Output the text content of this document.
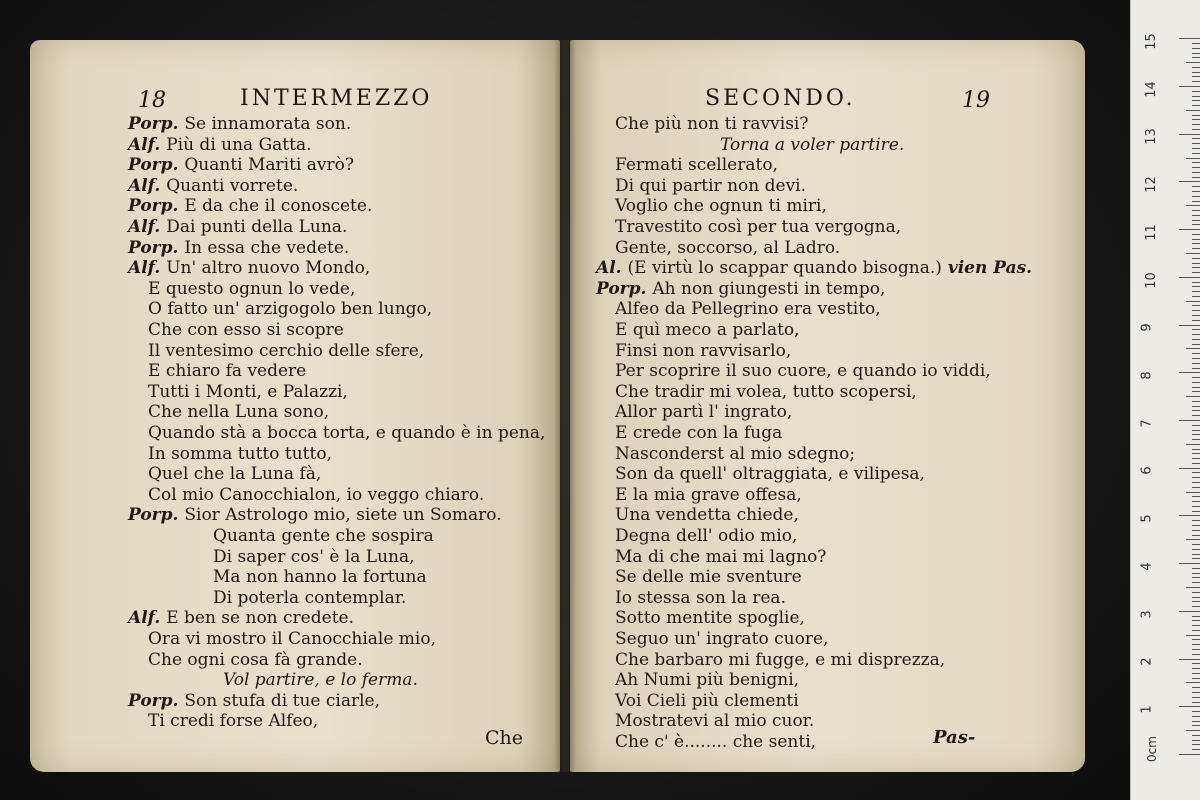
18	INTERMEZZO
Porp. Se innamorata son.
Alf. Più di una Gatta.
Porp. Quanti Mariti avrò?
Alf. Quanti vorrete.
Porp. E da che il conoscete.
Alf. Dai punti della Luna.
Porp. In essa che vedete.
Alf. Un' altro nuovo Mondo,
E questo ognun lo vede,
O fatto un' arzigogolo ben lungo,
Che con esso si scopre
Il ventesimo cerchio delle sfere,
E chiaro fa vedere
Tutti i Monti, e Palazzi,
Che nella Luna sono,
Quando stà a bocca torta, e quando è in pena,
In somma tutto tutto,
Quel che la Luna fà,
Col mio Canocchialon, io veggo chiaro.
Porp. Sior Astrologo mio, siete un Somaro.
Quanta gente che sospira
Di saper cos' è la Luna,
Ma non hanno la fortuna
Di poterla contemplar.
Alf. E ben se non credete.
Ora vi mostro il Canocchiale mio,
Che ogni cosa fà grande.
Vol partire, e lo ferma.
Porp. Son stufa di tue ciarle,
Ti credi forse Alfeo,
Che
SECONDO.	19
Che più non ti ravvisi?
Torna a voler partire.
Fermati scellerato,
Di qui partir non devi.
Voglio che ognun ti miri,
Travestito così per tua vergogna,
Gente, soccorso, al Ladro.
Al. (E virtù lo scappar quando bisogna.) vien Pas.
Porp. Ah non giungesti in tempo,
Alfeo da Pellegrino era vestito,
E quì meco a parlato,
Finsi non ravvisarlo,
Per scoprire il suo cuore, e quando io viddi,
Che tradir mi volea, tutto scopersi,
Allor partì l' ingrato,
E crede con la fuga
Nasconderst al mio sdegno;
Son da quell' oltraggiata, e vilipesa,
E la mia grave offesa,
Una vendetta chiede,
Degna dell' odio mio,
Ma di che mai mi lagno?
Se delle mie sventure
Io stessa son la rea.
Sotto mentite spoglie,
Seguo un' ingrato cuore,
Che barbaro mi fugge, e mi disprezza,
Ah Numi più benigni,
Voi Cieli più clementi
Mostratevi al mio cuor.
Che c' è........ che senti,	Pas-
15
14
13
12
11
10
9
8
7
6
5
4
3
2
1
0cm
